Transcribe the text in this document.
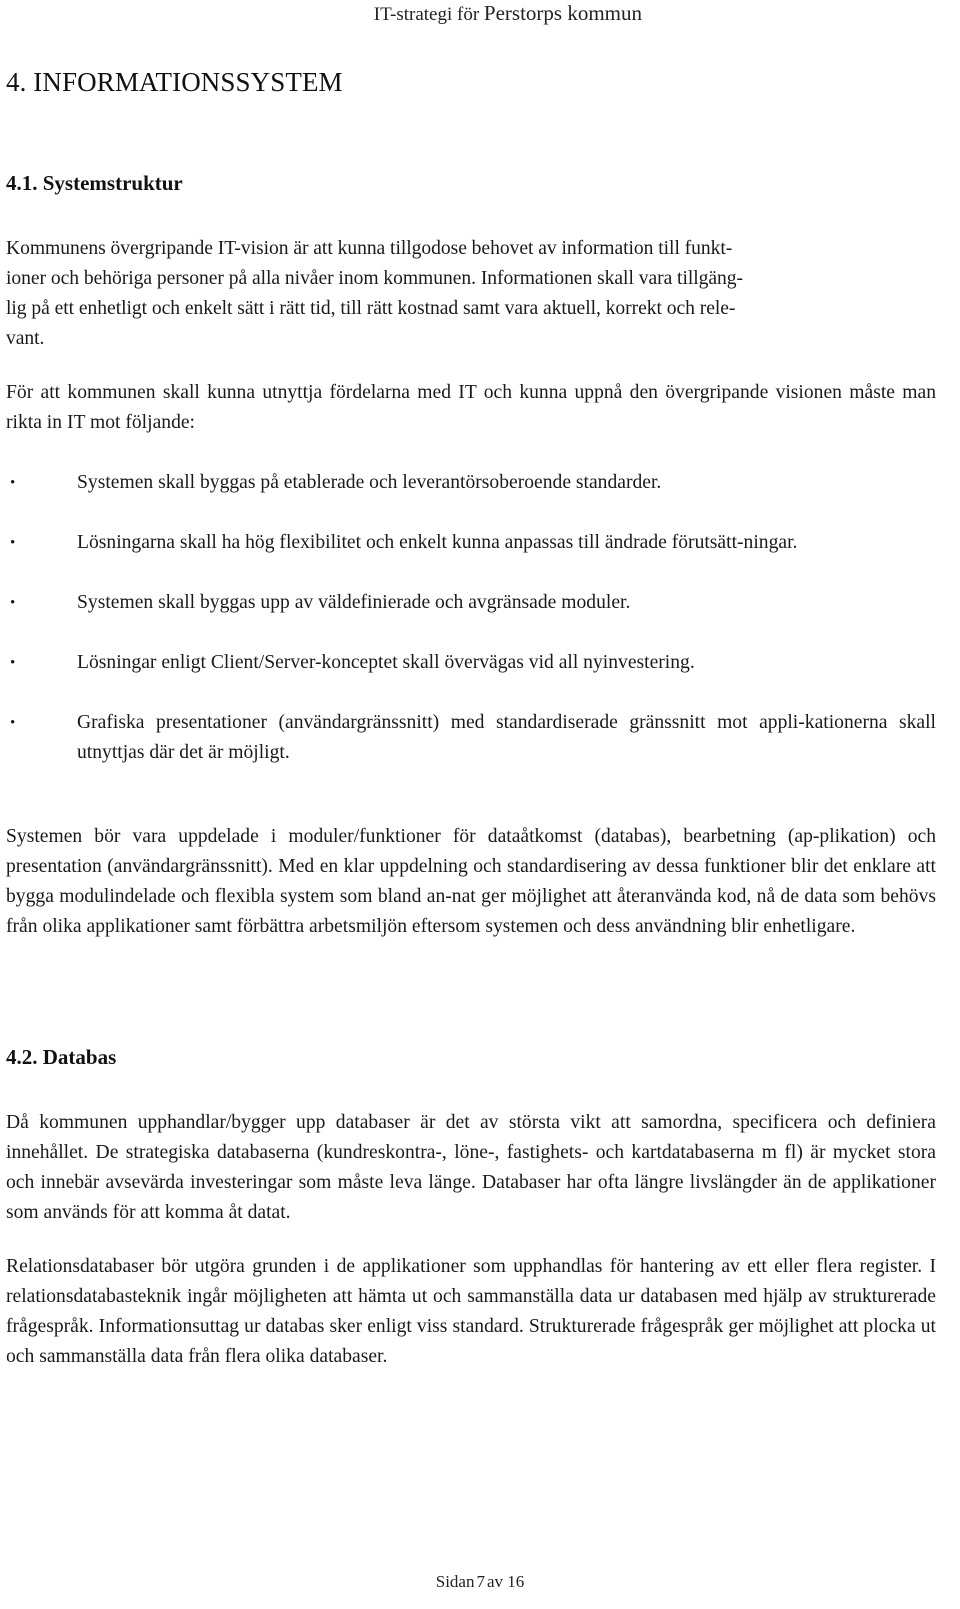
IT-strategi för Perstorps kommun
4. INFORMATIONSSYSTEM
4.1. Systemstruktur

Kommunens övergripande IT-vision är att kunna tillgodose behovet av information till funkt-
ioner och behöriga personer på alla nivåer inom kommunen. Informationen skall vara tillgäng-
lig på ett enhetligt och enkelt sätt i rätt tid, till rätt kostnad samt vara aktuell, korrekt och rele-
vant.

För att kommunen skall kunna utnyttja fördelarna med IT och kunna uppnå den övergripande visionen måste man rikta in IT mot följande:

•	Systemen skall byggas på etablerade och leverantörsoberoende standarder.
•	Lösningarna skall ha hög flexibilitet och enkelt kunna anpassas till ändrade förutsätt-ningar.
•	Systemen skall byggas upp av väldefinierade och avgränsade moduler.
•	Lösningar enligt Client/Server-konceptet skall övervägas vid all nyinvestering.
•	Grafiska presentationer (användargränssnitt) med standardiserade gränssnitt mot appli-kationerna skall utnyttjas där det är möjligt.

Systemen bör vara uppdelade i moduler/funktioner för dataåtkomst (databas), bearbetning (ap-plikation) och presentation (användargränssnitt). Med en klar uppdelning och standardisering av dessa funktioner blir det enklare att bygga modulindelade och flexibla system som bland an-nat ger möjlighet att återanvända kod, nå de data som behövs från olika applikationer samt förbättra arbetsmiljön eftersom systemen och dess användning blir enhetligare.

4.2. Databas

Då kommunen upphandlar/bygger upp databaser är det av största vikt att samordna, specificera och definiera innehållet. De strategiska databaserna (kundreskontra-, löne-, fastighets- och kartdatabaserna m fl) är mycket stora och innebär avsevärda investeringar som måste leva länge. Databaser har ofta längre livslängder än de applikationer som används för att komma åt datat.

Relationsdatabaser bör utgöra grunden i de applikationer som upphandlas för hantering av ett eller flera register. I relationsdatabasteknik ingår möjligheten att hämta ut och sammanställa data ur databasen med hjälp av strukturerade frågespråk. Informationsuttag ur databas sker enligt viss standard. Strukturerade frågespråk ger möjlighet att plocka ut och sammanställa data från flera olika databaser.

Sidan 7 av 16
